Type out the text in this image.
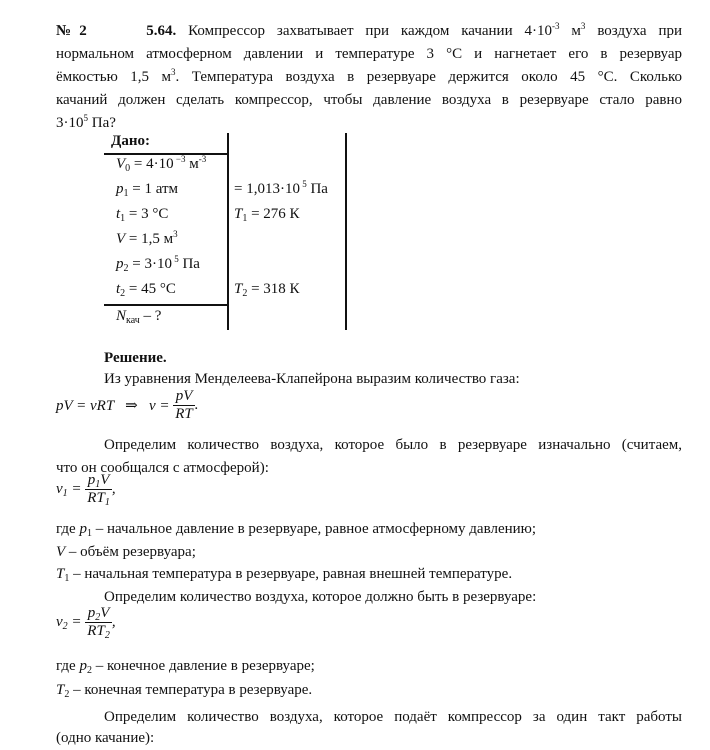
№2	5.64. Компрессор захватывает при каждом качании $4\cdot 10^{-3}$ $м^3$ воздуха при
нормальном атмосферном давлении и температуре 3 °С и нагнетает его в резервуар
ёмкостью 1,5 $м^3$. Температура воздуха в резервуаре держится около 45 °С. Сколько
качаний должен сделать компрессор, чтобы давление воздуха в резервуаре стало равно
$3\cdot 10^5$ Па?
Дано:
$V_0 = 4\cdot 10$ $^{-3}$ $м^{-3}$
$p_1 = 1$ атм	= 1,013·10 $^5$ Па
$t_1 = 3$ °С	$T_1 = 276$ К
V = 1,5 $м^3$
$p_2 = 3\cdot 10$ $^5$ Па
$t_2 = 45$ °С	$T_2 = 318$ К
$N_{кач}$ – ?
Решение.
Из уравнения Менделеева-Клапейрона выразим количество газа:
pV = νRT   ⇒   $\nu = \frac{pV}{RT}$ .
Определим количество воздуха, которое было в резервуаре изначально (считаем,
что он сообщался с атмосферой):
$\nu_1 = \frac{p_1V}{RT_1}$ ,
где $p_1$ – начальное давление в резервуаре, равное атмосферному давлению;
V – объём резервуара;
$T_1$ – начальная температура в резервуаре, равная внешней температуре.
Определим количество воздуха, которое должно быть в резервуаре:
$\nu_2 = \frac{p_2V}{RT_2}$ ,
где $p_2$ – конечное давление в резервуаре;
$T_2$ – конечная температура в резервуаре.
Определим количество воздуха, которое подаёт компрессор за один такт работы
(одно качание):
